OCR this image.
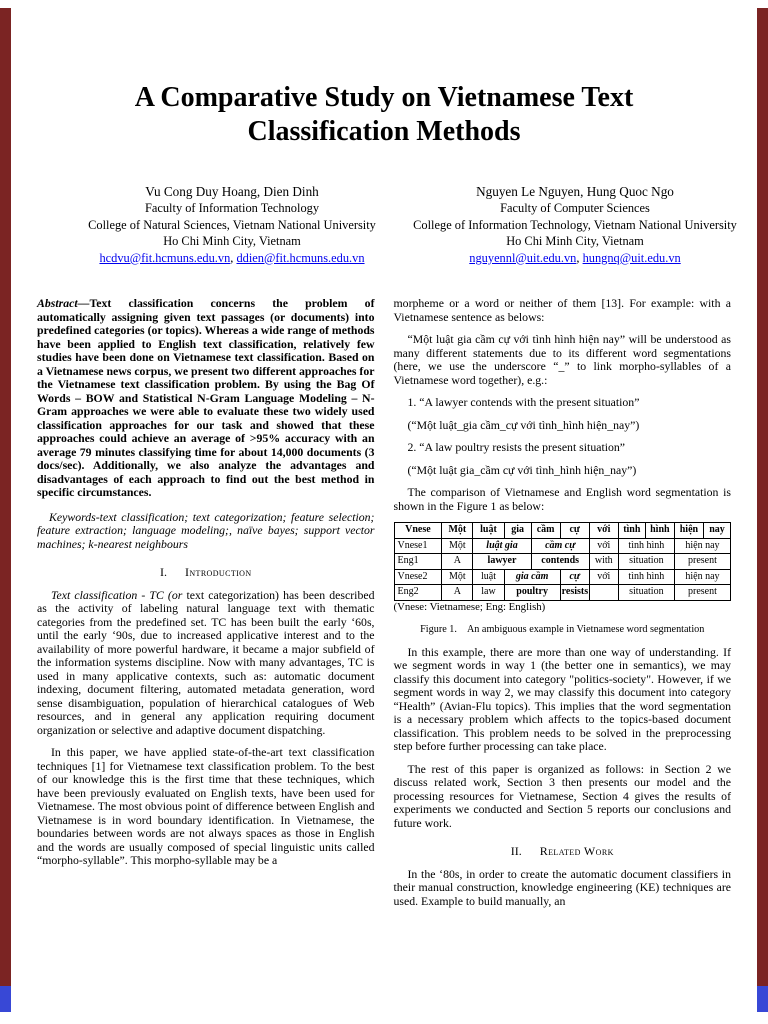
A Comparative Study on Vietnamese Text Classification Methods
Vu Cong Duy Hoang, Dien Dinh
Faculty of Information Technology
College of Natural Sciences, Vietnam National University
Ho Chi Minh City, Vietnam
hcdvu@fit.hcmuns.edu.vn, ddien@fit.hcmuns.edu.vn
Nguyen Le Nguyen, Hung Quoc Ngo
Faculty of Computer Sciences
College of Information Technology, Vietnam National University
Ho Chi Minh City, Vietnam
nguyennl@uit.edu.vn, hungnq@uit.edu.vn

Abstract—Text classification concerns the problem of automatically assigning given text passages (or documents) into predefined categories (or topics). Whereas a wide range of methods have been applied to English text classification, relatively few studies have been done on Vietnamese text classification. Based on a Vietnamese news corpus, we present two different approaches for the Vietnamese text classification problem. By using the Bag Of Words – BOW and Statistical N-Gram Language Modeling – N-Gram approaches we were able to evaluate these two widely used classification approaches for our task and showed that these approaches could achieve an average of >95% accuracy with an average 79 minutes classifying time for about 14,000 documents (3 docs/sec). Additionally, we also analyze the advantages and disadvantages of each approach to find out the best method in specific circumstances.

Keywords-text classification; text categorization; feature selection; feature extraction; language modeling;, naïve bayes; support vector machines; k-nearest neighbours

I. Introduction

Text classification - TC (or text categorization) has been described as the activity of labeling natural language text with thematic categories from the predefined set. TC has been built the early ‘60s, until the early ‘90s, due to increased applicative interest and to the availability of more powerful hardware, it became a major subfield of the information systems discipline. Now with many advantages, TC is used in many applicative contexts, such as: automatic document indexing, document filtering, automated metadata generation, word sense disambiguation, population of hierarchical catalogues of Web resources, and in general any application requiring document organization or selective and adaptive document dispatching.

In this paper, we have applied state-of-the-art text classification techniques [1] for Vietnamese text classification problem. To the best of our knowledge this is the first time that these techniques, which have been previously evaluated on English texts, have been used for Vietnamese. The most obvious point of difference between English and Vietnamese is in word boundary identification. In Vietnamese, the boundaries between words are not always spaces as those in English and the words are usually composed of special linguistic units called “morpho-syllable”. This morpho-syllable may be a

morpheme or a word or neither of them [13]. For example: with a Vietnamese sentence as belows:

“Một luật gia cầm cự với tình hình hiện nay” will be understood as many different statements due to its different word segmentations (here, we use the underscore “_” to link morpho-syllables of a Vietnamese word together), e.g.:

1. “A lawyer contends with the present situation”

(“Một luật_gia cầm_cự với tình_hình hiện_nay”)

2. “A law poultry resists the present situation”

(“Một luật gia_cầm cự với tình_hình hiện_nay”)

The comparison of Vietnamese and English word segmentation is shown in the Figure 1 as below:

Vnese	Một	luật	gia	cầm	cự	với	tình	hình	hiện	nay
Vnese1	Một	luật gia		cầm cự		với	tình hình		hiện nay	
Eng1	A	lawyer		contends		with	situation		present	
Vnese2	Một	luật	gia cầm		cự	với	tình hình		hiện nay	
Eng2	A	law	poultry		resists		situation		present	

(Vnese: Vietnamese; Eng: English)

Figure 1. An ambiguous example in Vietnamese word segmentation

In this example, there are more than one way of understanding. If we segment words in way 1 (the better one in semantics), we may classify this document into category "politics-society". However, if we segment words in way 2, we may classify this document into category “Health” (Avian-Flu topics). This implies that the word segmentation is a necessary problem which affects to the topics-based document classification. This problem needs to be solved in the preprocessing step before further processing can take place.

The rest of this paper is organized as follows: in Section 2 we discuss related work, Section 3 then presents our model and the processing resources for Vietnamese, Section 4 gives the results of experiments we conducted and Section 5 reports our conclusions and future work.

II. Related Work

In the ‘80s, in order to create the automatic document classifiers in their manual construction, knowledge engineering (KE) techniques are used. Example to build manually, an
